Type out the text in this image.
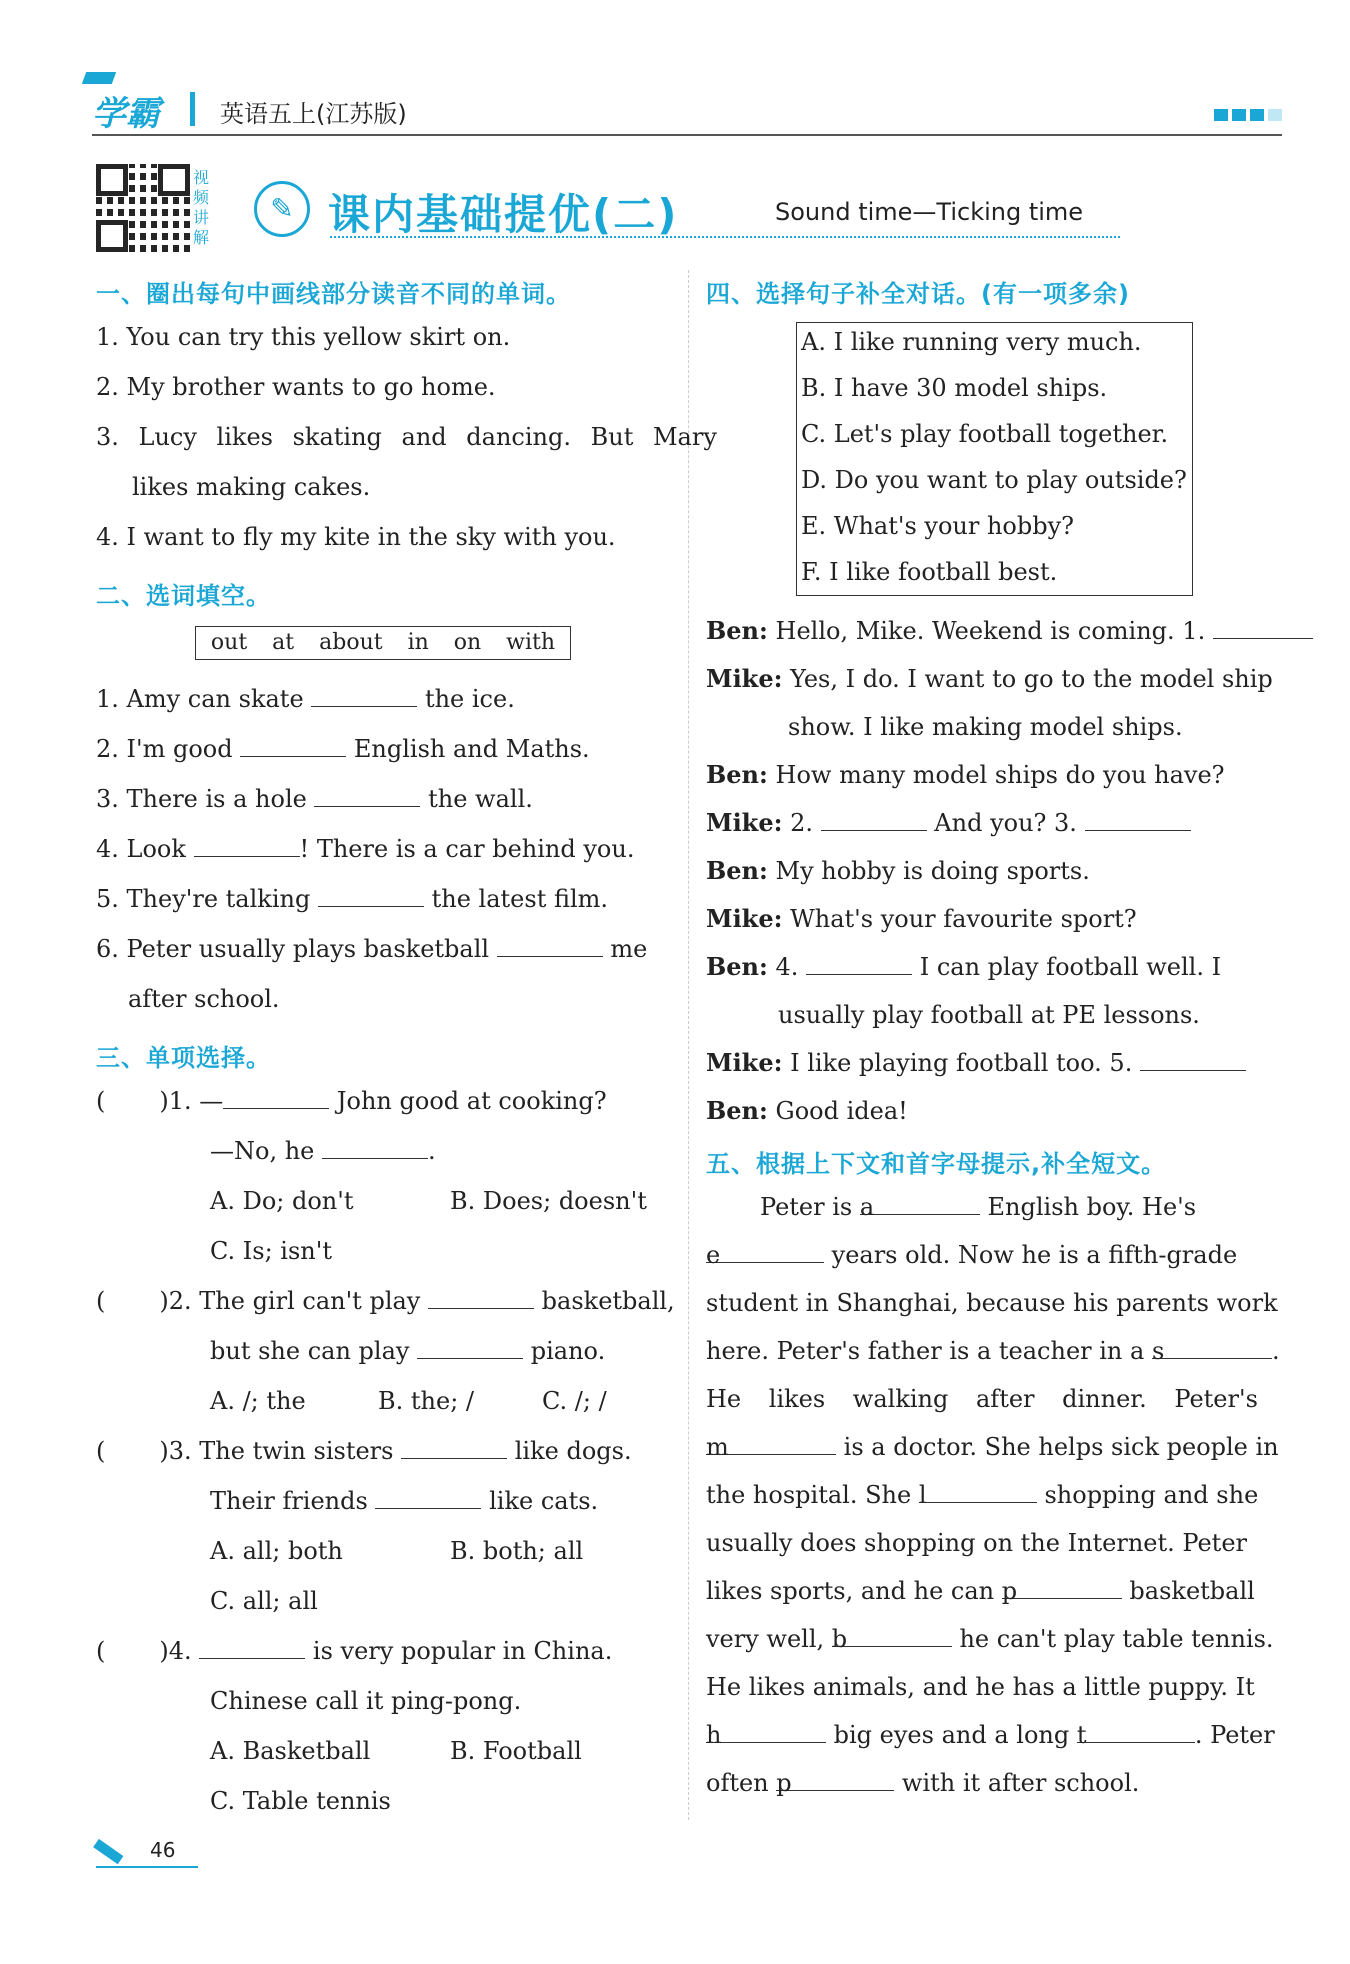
学霸	英语五上(江苏版)
视频讲解
✎ 课内基础提优(二)	Sound time—Ticking time
一、圈出每句中画线部分读音不同的单词。
1. You can try this yellow skirt on.
2. My brother wants to go home.
3. Lucy likes skating and dancing. But Mary
likes making cakes.
4. I want to fly my kite in the sky with you.
二、选词填空。
out at about in on with
1. Amy can skate	the ice.
2. I'm good	English and Maths.
3. There is a hole	the wall.
4. Look	! There is a car behind you.
5. They're talking	the latest film.
6. Peter usually plays basketball	me
after school.
三、单项选择。
( )1. —	John good at cooking?
—No, he	.
A. Do; don't	B. Does; doesn't
C. Is; isn't
( )2. The girl can't play	basketball,
but she can play	piano.
A. /; the	B. the; /	C. /; /
( )3. The twin sisters	like dogs.
Their friends	like cats.
A. all; both	B. both; all
C. all; all
( )4.	is very popular in China.
Chinese call it ping-pong.
A. Basketball	B. Football
C. Table tennis
四、选择句子补全对话。(有一项多余)
A. I like running very much.
B. I have 30 model ships.
C. Let's play football together.
D. Do you want to play outside?
E. What's your hobby?
F. I like football best.
Ben: Hello, Mike. Weekend is coming. 1.
Mike: Yes, I do. I want to go to the model ship
show. I like making model ships.
Ben: How many model ships do you have?
Mike: 2.	And you? 3.
Ben: My hobby is doing sports.
Mike: What's your favourite sport?
Ben: 4.	I can play football well. I
usually play football at PE lessons.
Mike: I like playing football too. 5.
Ben: Good idea!
五、根据上下文和首字母提示,补全短文。
Peter is a	English boy. He's
e	years old. Now he is a fifth-grade
student in Shanghai, because his parents work
here. Peter's father is a teacher in a s	.
He likes walking after dinner. Peter's
m	is a doctor. She helps sick people in
the hospital. She l	shopping and she
usually does shopping on the Internet. Peter
likes sports, and he can p	basketball
very well, b	he can't play table tennis.
He likes animals, and he has a little puppy. It
h	big eyes and a long t	. Peter
often p	with it after school.
46
